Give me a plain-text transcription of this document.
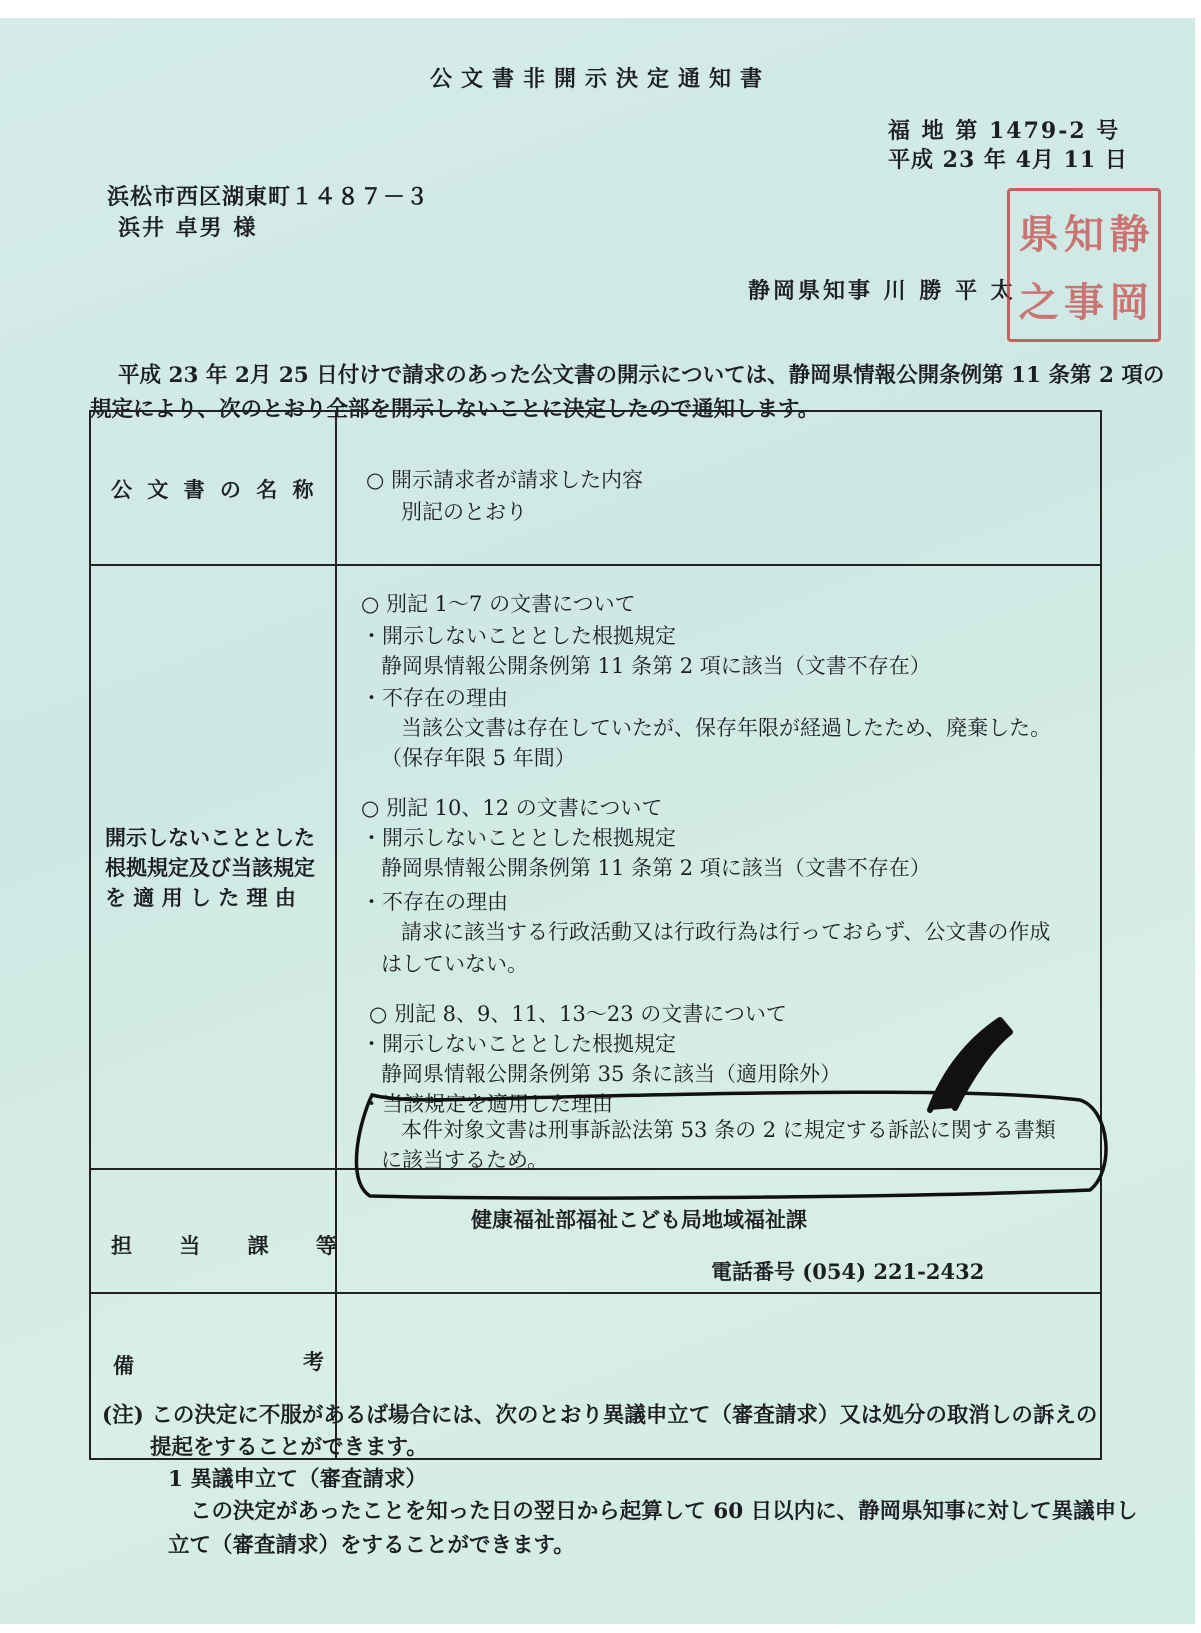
公文書非開示決定通知書
福 地 第 1479-2 号
平成 23 年 4月 11 日
浜松市西区湖東町１４８７－３
浜井 卓男 様
静岡県知事 川 勝 平 太
県 知 静
之 事 岡
平成 23 年 2月 25 日付けで請求のあった公文書の開示については、静岡県情報公開条例第 11 条第 2 項の
規定により、次のとおり全部を開示しないことに決定したので通知します。
公 文 書 の 名 称 ○ 開示請求者が請求した内容
別記のとおり
開示しないこととした
根拠規定及び当該規定
を 適 用 し た 理 由
○ 別記 1～7 の文書について
・開示しないこととした根拠規定
静岡県情報公開条例第 11 条第 2 項に該当（文書不存在）
・不存在の理由
当該公文書は存在していたが、保存年限が経過したため、廃棄した。
（保存年限 5 年間）
○ 別記 10、12 の文書について
・開示しないこととした根拠規定
静岡県情報公開条例第 11 条第 2 項に該当（文書不存在）
・不存在の理由
請求に該当する行政活動又は行政行為は行っておらず、公文書の作成
はしていない。
○ 別記 8、9、11、13～23 の文書について
・開示しないこととした根拠規定
静岡県情報公開条例第 35 条に該当（適用除外）
・当該規定を適用した理由
本件対象文書は刑事訴訟法第 53 条の 2 に規定する訴訟に関する書類
に該当するため。
担 当 課 等
健康福祉部福祉こども局地域福祉課
電話番号 (054) 221-2432
備	考
(注) この決定に不服があるば場合には、次のとおり異議申立て（審査請求）又は処分の取消しの訴えの
提起をすることができます。
1 異議申立て（審査請求）
この決定があったことを知った日の翌日から起算して 60 日以内に、静岡県知事に対して異議申し
立て（審査請求）をすることができます。
